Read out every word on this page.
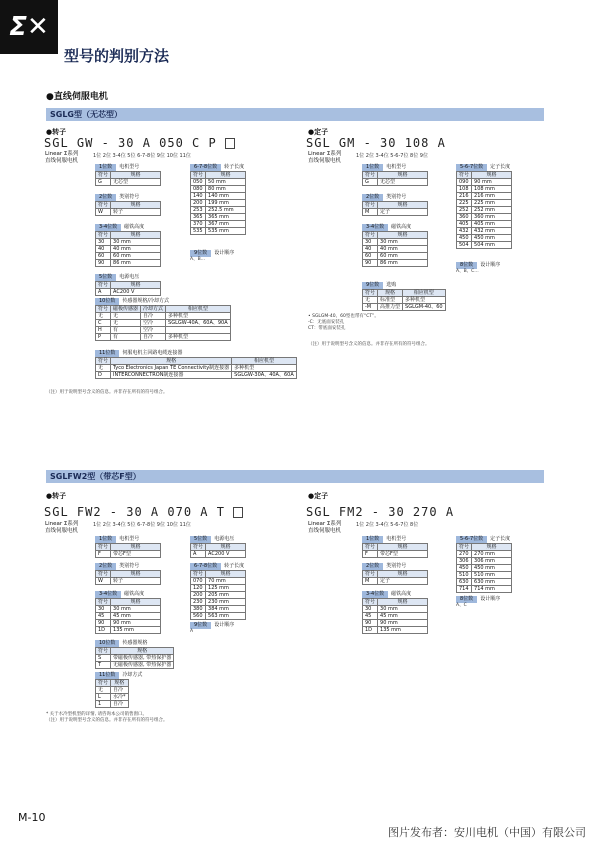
Σ✕
型号的判别方法
●直线伺服电机
SGLG型（无芯型）
●转子
SGL GW - 30 A 050 C P
1位 2位 3-4位 5位 6-7-8位 9位 10位 11位
Linear Σ系列
直线伺服电机
1位数	电机型号
符号	规格
G	无芯型
2位数	类别符号
符号	规格
W	转子
3-4位数	磁铁高度
符号	规格
30	30 mm
40	40 mm
60	60 mm
90	86 mm
5位数	电源电压
符号	规格
A	AC200 V
6-7-8位数	转子长度
符号	规格
050	50 mm
080	80 mm
140	140 mm
200	199 mm
253	252.5 mm
365	365 mm
370	367 mm
535	535 mm
9位数	设计顺序
A、B…
10位数	传感器规格/冷却方式
符号	磁极传感器	冷却方式	相应机型
无	无	自冷	多种机型
C	无	空冷	SGLGW-40A、60A、90A
H	有	空冷	
P	有	自冷	多种机型
11位数	伺服电机主回路电缆连接器
符号	规格	相应机型
无	Tyco Electronics Japan TE Connectivity制连接器	多种机型
D	INTERCONNECTRON制连接器	SGLGW-30A、40A、60A
（注）用于说明型号含义的信息。并非存在所有的符号组合。
●定子
SGL GM - 30 108 A
1位 2位 3-4位 5-6-7位 8位 9位
Linear Σ系列
直线伺服电机
1位数	电机型号
符号	规格
G	无芯型
2位数	类别符号
符号	规格
M	定子
3-4位数	磁铁高度
符号	规格
30	30 mm
40	40 mm
60	60 mm
90	86 mm
5-6-7位数	定子长度
符号	规格
090	90 mm
108	108 mm
216	216 mm
225	225 mm
252	252 mm
360	360 mm
405	405 mm
432	432 mm
450	450 mm
504	504 mm
8位数	设计顺序
A、B、C…
9位数	选购
符号	规格	相应机型
无	标准型	多种机型
-M	高推力型	SGLGM-40、60
• SGLGM-40、60型也带有“CT”。
-C：无底面安装孔
CT：带底面安装孔
（注）用于说明型号含义的信息。并非存在所有的符号组合。
SGLFW2型（带芯F型）
●转子
SGL FW2 - 30 A 070 A T
1位 2位 3-4位 5位 6-7-8位 9位 10位 11位
Linear Σ系列
直线伺服电机
1位数	电机型号
符号	规格
F	带芯F型
2位数	类别符号
符号	规格
W	转子
3-4位数	磁铁高度
符号	规格
30	30 mm
45	45 mm
90	90 mm
1D	135 mm
5位数	电源电压
符号	规格
A	AC200 V
6-7-8位数	转子长度
符号	规格
070	70 mm
120	125 mm
200	205 mm
230	230 mm
380	384 mm
560	563 mm
9位数	设计顺序
A
10位数	传感器规格
符号	规格
S	带磁极传感器, 带热保护器
T	无磁极传感器, 带热保护器
11位数	冷却方式
符号	规格
无	自冷
L	水冷*
1	自冷
* 关于水冷型机型的详情, 请咨询本公司销售窗口。
（注）用于说明型号含义的信息。并非存在所有的符号组合。
●定子
SGL FM2 - 30 270 A
1位 2位 3-4位 5-6-7位 8位
Linear Σ系列
直线伺服电机
1位数	电机型号
符号	规格
F	带芯F型
2位数	类别符号
符号	规格
M	定子
3-4位数	磁铁高度
符号	规格
30	30 mm
45	45 mm
90	90 mm
1D	135 mm
5-6-7位数	定子长度
符号	规格
270	270 mm
306	306 mm
450	450 mm
510	510 mm
630	630 mm
714	714 mm
8位数	设计顺序
A、C
M-10
图片发布者：安川电机（中国）有限公司
